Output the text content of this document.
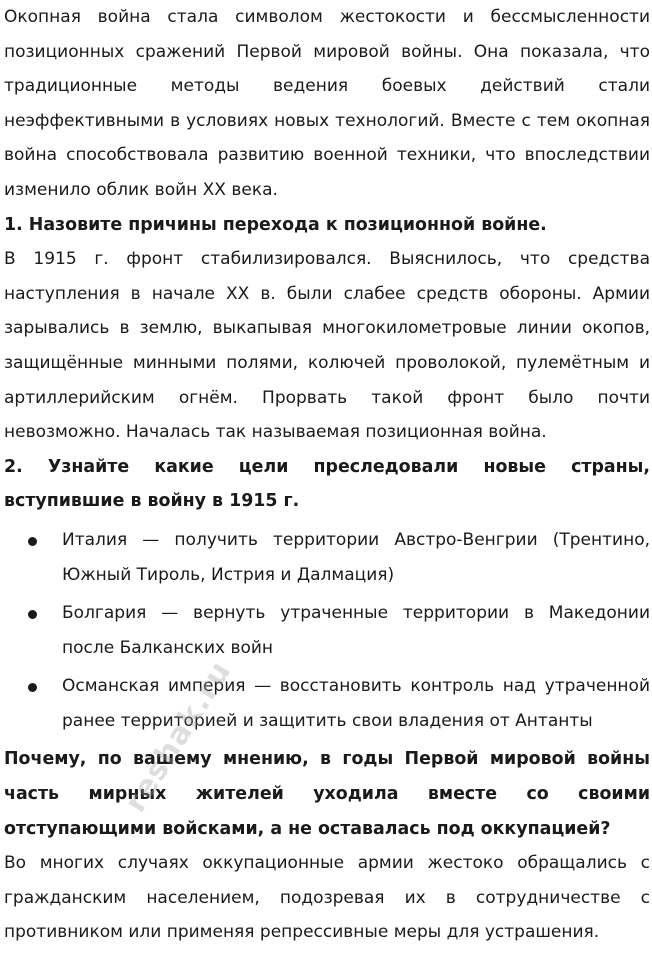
Окопная война стала символом жестокости и бессмысленности позиционных сражений Первой мировой войны. Она показала, что традиционные методы ведения боевых действий стали неэффективными в условиях новых технологий. Вместе с тем окопная война способствовала развитию военной техники, что впоследствии изменило облик войн XX века.

1. Назовите причины перехода к позиционной войне.

В 1915 г. фронт стабилизировался. Выяснилось, что средства наступления в начале XX в. были слабее средств обороны. Армии зарывались в землю, выкапывая многокилометровые линии окопов, защищённые минными полями, колючей проволокой, пулемётным и артиллерийским огнём. Прорвать такой фронт было почти невозможно. Началась так называемая позиционная война.

2. Узнайте какие цели преследовали новые страны, вступившие в войну в 1915 г.
Италия — получить территории Австро-Венгрии (Трентино, Южный Тироль, Истрия и Далмация)
Болгария — вернуть утраченные территории в Македонии после Балканских войн
Османская империя — восстановить контроль над утраченной ранее территорией и защитить свои владения от Антанты
Почему, по вашему мнению, в годы Первой мировой войны часть мирных жителей уходила вместе со своими отступающими войсками, а не оставалась под оккупацией?

Во многих случаях оккупационные армии жестоко обращались с гражданским населением, подозревая их в сотрудничестве с противником или применяя репрессивные меры для устрашения.

reshak.ru
